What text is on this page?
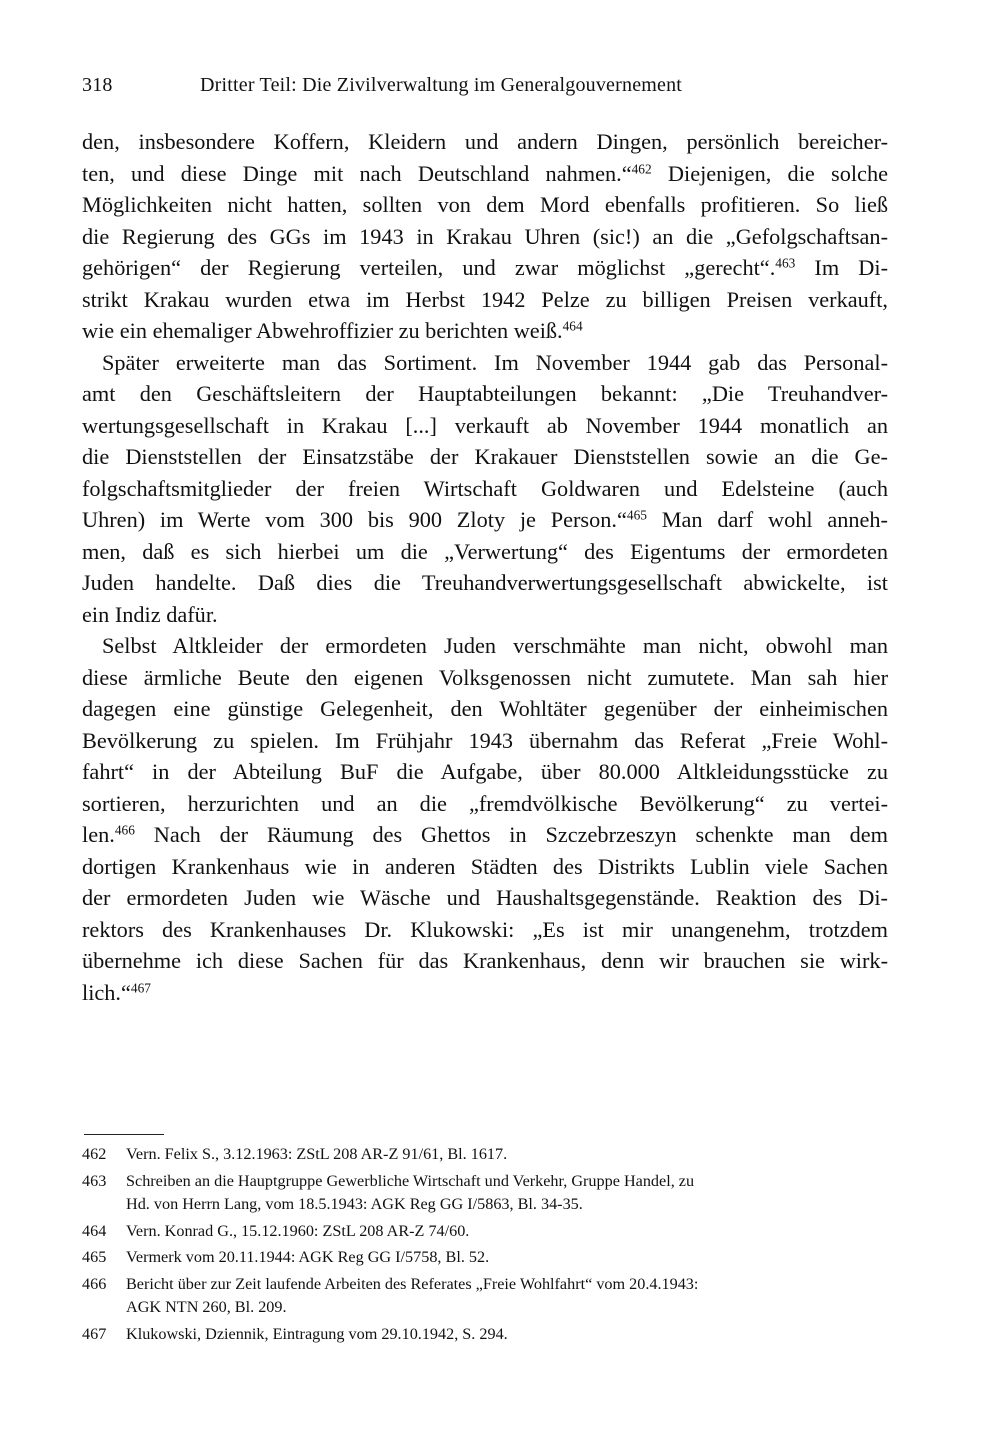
318	Dritter Teil: Die Zivilverwaltung im Generalgouvernement
den, insbesondere Koffern, Kleidern und andern Dingen, persönlich bereicher-
ten, und diese Dinge mit nach Deutschland nahmen.“$^{462}$ Diejenigen, die solche
Möglichkeiten nicht hatten, sollten von dem Mord ebenfalls profitieren. So ließ
die Regierung des GGs im 1943 in Krakau Uhren (sic!) an die „Gefolgschaftsan-
gehörigen“ der Regierung verteilen, und zwar möglichst „gerecht“.$^{463}$ Im Di-
strikt Krakau wurden etwa im Herbst 1942 Pelze zu billigen Preisen verkauft,
wie ein ehemaliger Abwehroffizier zu berichten weiß.$^{464}$
Später erweiterte man das Sortiment. Im November 1944 gab das Personal-
amt den Geschäftsleitern der Hauptabteilungen bekannt: „Die Treuhandver-
wertungsgesellschaft in Krakau [...] verkauft ab November 1944 monatlich an
die Dienststellen der Einsatzstäbe der Krakauer Dienststellen sowie an die Ge-
folgschaftsmitglieder der freien Wirtschaft Goldwaren und Edelsteine (auch
Uhren) im Werte vom 300 bis 900 Zloty je Person.“$^{465}$ Man darf wohl anneh-
men, daß es sich hierbei um die „Verwertung“ des Eigentums der ermordeten
Juden handelte. Daß dies die Treuhandverwertungsgesellschaft abwickelte, ist
ein Indiz dafür.
Selbst Altkleider der ermordeten Juden verschmähte man nicht, obwohl man
diese ärmliche Beute den eigenen Volksgenossen nicht zumutete. Man sah hier
dagegen eine günstige Gelegenheit, den Wohltäter gegenüber der einheimischen
Bevölkerung zu spielen. Im Frühjahr 1943 übernahm das Referat „Freie Wohl-
fahrt“ in der Abteilung BuF die Aufgabe, über 80.000 Altkleidungsstücke zu
sortieren, herzurichten und an die „fremdvölkische Bevölkerung“ zu vertei-
len.$^{466}$ Nach der Räumung des Ghettos in Szczebrzeszyn schenkte man dem
dortigen Krankenhaus wie in anderen Städten des Distrikts Lublin viele Sachen
der ermordeten Juden wie Wäsche und Haushaltsgegenstände. Reaktion des Di-
rektors des Krankenhauses Dr. Klukowski: „Es ist mir unangenehm, trotzdem
übernehme ich diese Sachen für das Krankenhaus, denn wir brauchen sie wirk-
lich.“$^{467}$
462 Vern. Felix S., 3.12.1963: ZStL 208 AR-Z 91/61, Bl. 1617.
463 Schreiben an die Hauptgruppe Gewerbliche Wirtschaft und Verkehr, Gruppe Handel, zu
Hd. von Herrn Lang, vom 18.5.1943: AGK Reg GG I/5863, Bl. 34-35.
464 Vern. Konrad G., 15.12.1960: ZStL 208 AR-Z 74/60.
465 Vermerk vom 20.11.1944: AGK Reg GG I/5758, Bl. 52.
466 Bericht über zur Zeit laufende Arbeiten des Referates „Freie Wohlfahrt“ vom 20.4.1943:
AGK NTN 260, Bl. 209.
467 Klukowski, Dziennik, Eintragung vom 29.10.1942, S. 294.
